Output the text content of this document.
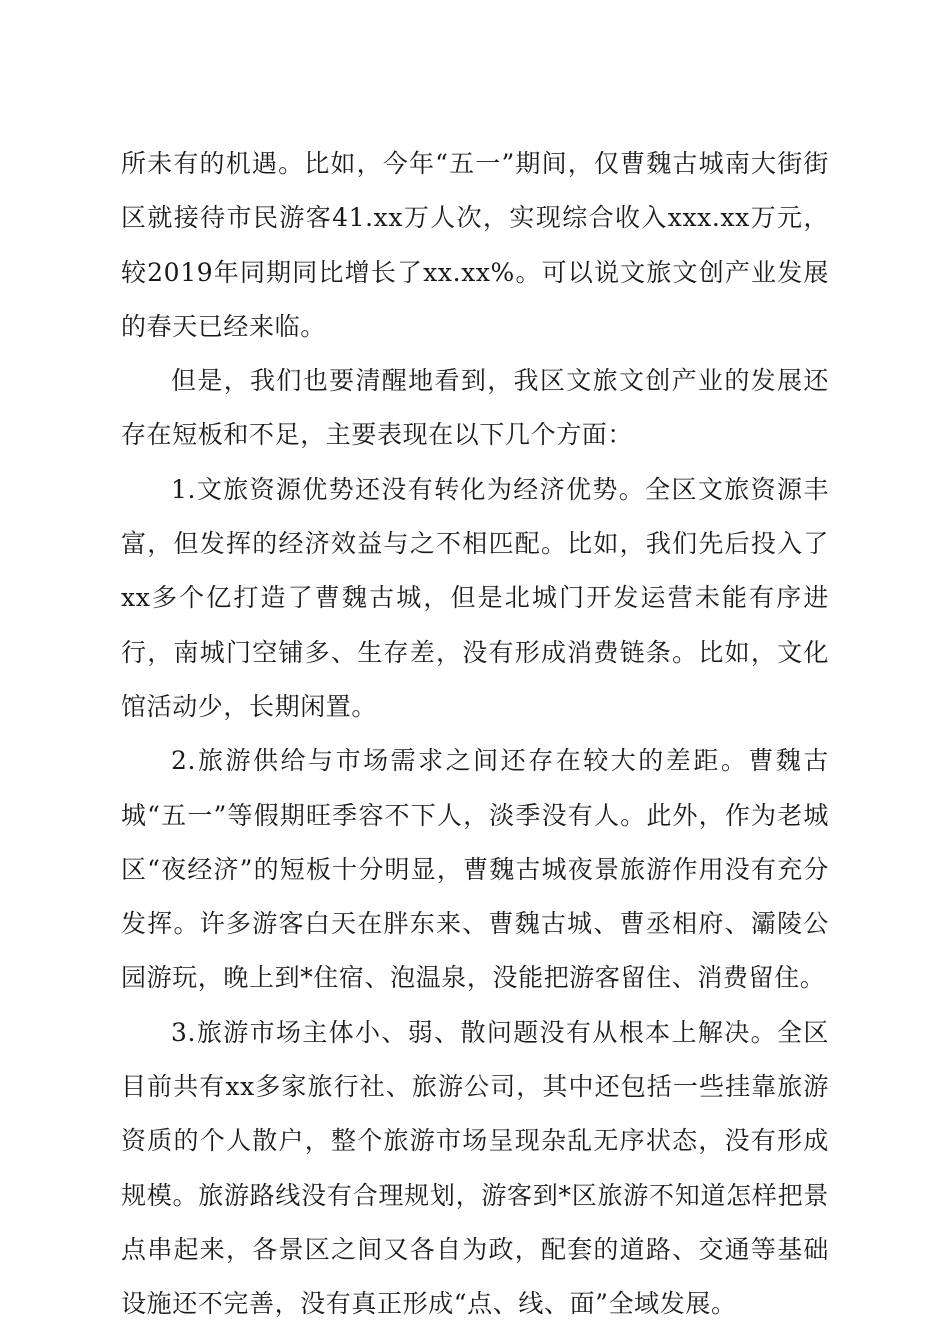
所未有的机遇。比如，今年“五一”期间，仅曹魏古城南大街街区就接待市民游客41.xx万人次，实现综合收入xxx.xx万元，较2019年同期同比增长了xx.xx%。可以说文旅文创产业发展的春天已经来临。

但是，我们也要清醒地看到，我区文旅文创产业的发展还存在短板和不足，主要表现在以下几个方面：

1.文旅资源优势还没有转化为经济优势。全区文旅资源丰富，但发挥的经济效益与之不相匹配。比如，我们先后投入了xx多个亿打造了曹魏古城，但是北城门开发运营未能有序进行，南城门空铺多、生存差，没有形成消费链条。比如，文化馆活动少，长期闲置。

2.旅游供给与市场需求之间还存在较大的差距。曹魏古城“五一”等假期旺季容不下人，淡季没有人。此外，作为老城区“夜经济”的短板十分明显，曹魏古城夜景旅游作用没有充分发挥。许多游客白天在胖东来、曹魏古城、曹丞相府、灞陵公园游玩，晚上到*住宿、泡温泉，没能把游客留住、消费留住。

3.旅游市场主体小、弱、散问题没有从根本上解决。全区目前共有xx多家旅行社、旅游公司，其中还包括一些挂靠旅游资质的个人散户，整个旅游市场呈现杂乱无序状态，没有形成规模。旅游路线没有合理规划，游客到*区旅游不知道怎样把景点串起来，各景区之间又各自为政，配套的道路、交通等基础设施还不完善，没有真正形成“点、线、面”全域发展。
